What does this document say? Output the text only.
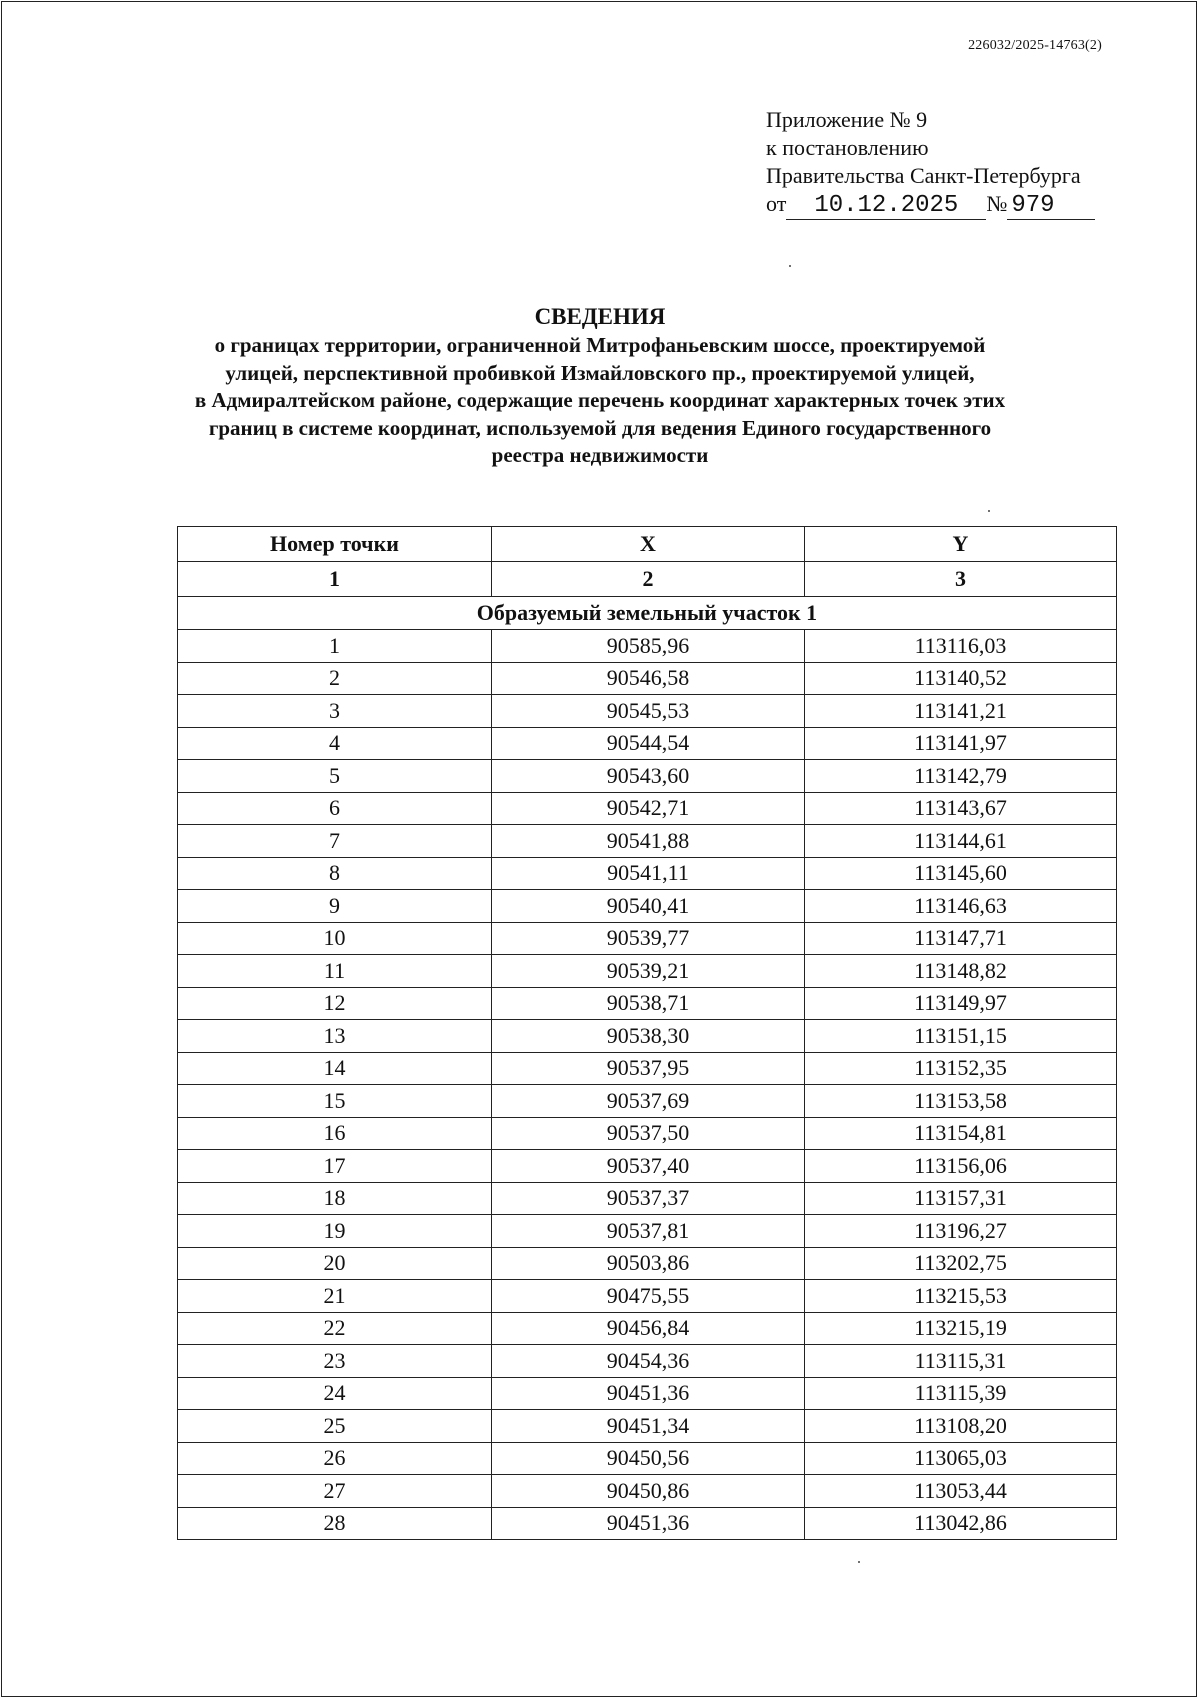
226032/2025-14763(2)
Приложение № 9
к постановлению
Правительства Санкт-Петербурга
от 10.12.2025 № 979
СВЕДЕНИЯ
о границах территории, ограниченной Митрофаньевским шоссе, проектируемой
улицей, перспективной пробивкой Измайловского пр., проектируемой улицей,
в Адмиралтейском районе, содержащие перечень координат характерных точек этих
границ в системе координат, используемой для ведения Единого государственного
реестра недвижимости
Номер точки	X	Y
1	2	3
Образуемый земельный участок 1		
1	90585,96	113116,03
2	90546,58	113140,52
3	90545,53	113141,21
4	90544,54	113141,97
5	90543,60	113142,79
6	90542,71	113143,67
7	90541,88	113144,61
8	90541,11	113145,60
9	90540,41	113146,63
10	90539,77	113147,71
11	90539,21	113148,82
12	90538,71	113149,97
13	90538,30	113151,15
14	90537,95	113152,35
15	90537,69	113153,58
16	90537,50	113154,81
17	90537,40	113156,06
18	90537,37	113157,31
19	90537,81	113196,27
20	90503,86	113202,75
21	90475,55	113215,53
22	90456,84	113215,19
23	90454,36	113115,31
24	90451,36	113115,39
25	90451,34	113108,20
26	90450,56	113065,03
27	90450,86	113053,44
28	90451,36	113042,86
